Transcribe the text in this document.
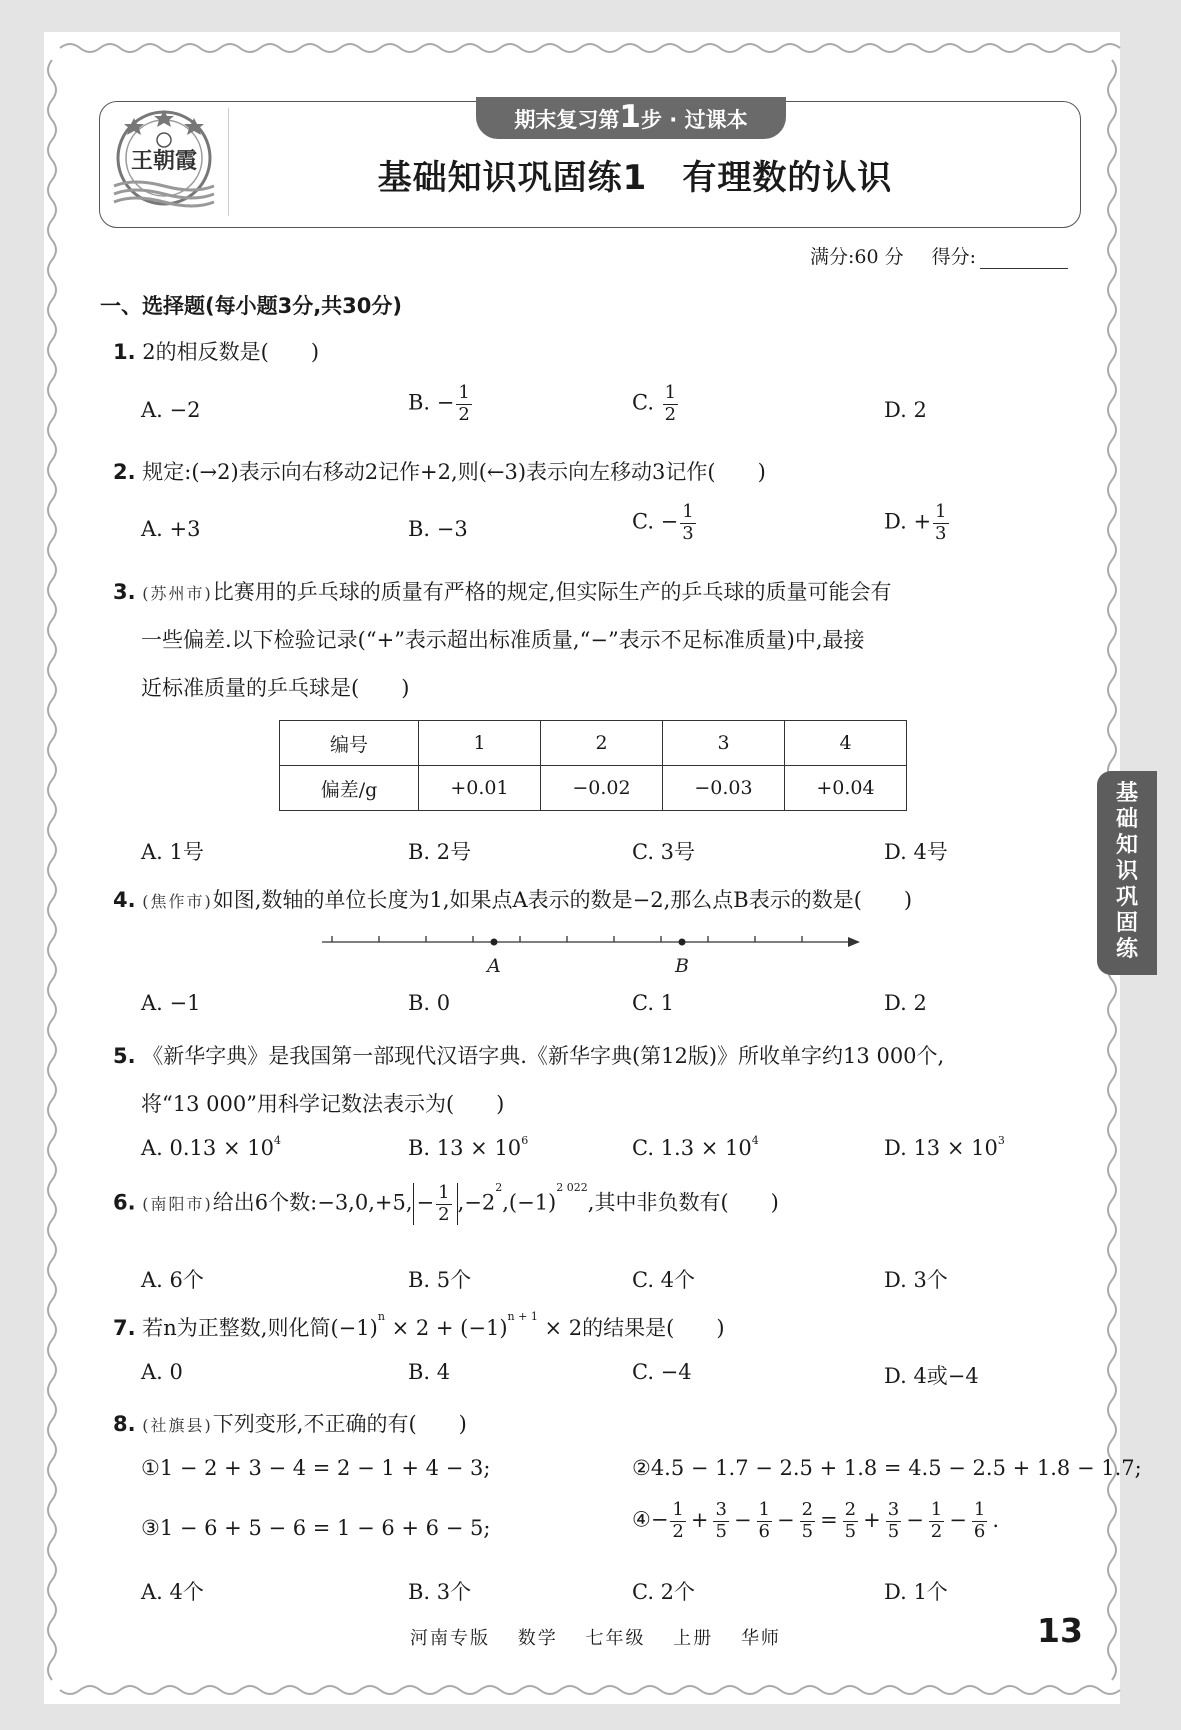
王朝霞
期末复习第1步 · 过课本
基础知识巩固练1　有理数的认识
满分:60 分 得分:
一、选择题(每小题3分,共30分)
1. 2的相反数是(　　)
A. −2	B. − $\frac{1}{2}$	C. $\frac{1}{2}$	D. 2
2. 规定:(→2)表示向右移动2记作+2,则(←3)表示向左移动3记作(　　)
A. +3	B. −3	C. − $\frac{1}{3}$	D. + $\frac{1}{3}$
3. (苏州市)比赛用的乒乓球的质量有严格的规定,但实际生产的乒乓球的质量可能会有
一些偏差.以下检验记录(“+”表示超出标准质量,“−”表示不足标准质量)中,最接
近标准质量的乒乓球是(　　)
编号	1	2	3	4
偏差/g	+0.01	−0.02	−0.03	+0.04
A. 1号	B. 2号	C. 3号	D. 4号
4. (焦作市)如图,数轴的单位长度为1,如果点A表示的数是−2,那么点B表示的数是(　　)
A	B
A. −1	B. 0	C. 1	D. 2
5. 《新华字典》是我国第一部现代汉语字典.《新华字典(第12版)》所收单字约13 000个,
将“13 000”用科学记数法表示为(　　)
A. $0.13 \times 10^4$	B. $13 \times 10^6$	C. $1.3 \times 10^4$	D. $13 \times 10^3$
6. (南阳市)给出6个数:−3,0,+5, − $\frac{1}{2} ,-2^2,(-1)^{2 022}$,其中非负数有(　　)
A. 6个	B. 5个	C. 4个	D. 3个
7. 若n为正整数,则化简$(-1)^n \times 2 + (-1)^{n + 1} \times 2$的结果是(　　)
A. 0	B. 4	C. −4	D. 4或−4
8. (社旗县)下列变形,不正确的有(　　)
①1 − 2 + 3 − 4 = 2 − 1 + 4 − 3;	②4.5 − 1.7 − 2.5 + 1.8 = 4.5 − 2.5 + 1.8 − 1.7;
③1 − 6 + 5 − 6 = 1 − 6 + 6 − 5;	④− $\frac{1}{2} + \frac{3}{5} - \frac{1}{6} - \frac{2}{5} = \frac{2}{5} + \frac{3}{5} - \frac{1}{2} - \frac{1}{6}$ .
A. 4个	B. 3个	C. 2个	D. 1个
基
础
知
识
巩
固
练
河南专版 数学 七年级 上册 华师	13
